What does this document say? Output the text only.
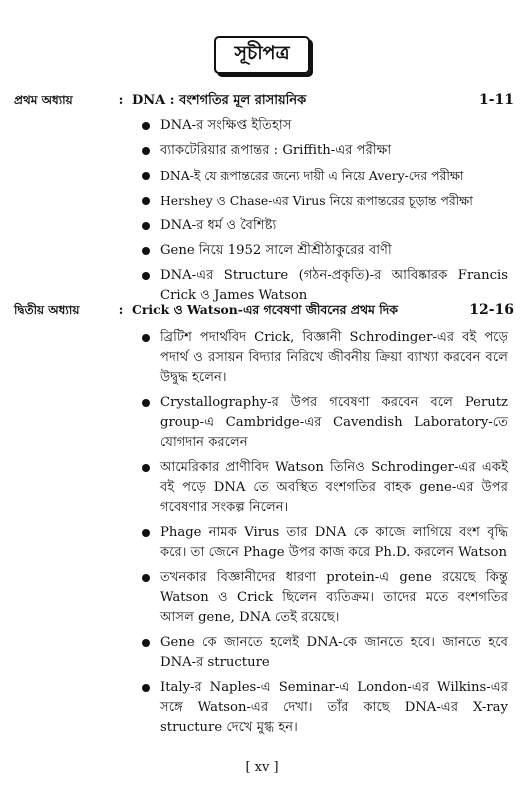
সূচীপত্র
প্রথম অধ্যায়	: DNA : বংশগতির মূল রাসায়নিক	1-11
DNA-র সংক্ষিপ্ত ইতিহাস
ব্যাকটেরিয়ার রূপান্তর : Griffith-এর পরীক্ষা
DNA-ই যে রূপান্তরের জন্যে দায়ী এ নিয়ে Avery-দের পরীক্ষা
Hershey ও Chase-এর Virus নিয়ে রূপান্তরের চূড়ান্ত পরীক্ষা
DNA-র ধর্ম ও বৈশিষ্ট্য
Gene নিয়ে 1952 সালে শ্রীশ্রীঠাকুরের বাণী
DNA-এর Structure (গঠন-প্রকৃতি)-র আবিষ্কারক Francis Crick ও James Watson
দ্বিতীয় অধ্যায়	: Crick ও Watson-এর গবেষণা জীবনের প্রথম দিক	12-16
ব্রিটিশ পদার্থবিদ Crick, বিজ্ঞানী Schrodinger-এর বই পড়ে পদার্থ ও রসায়ন বিদ্যার নিরিখে জীবনীয় ক্রিয়া ব্যাখ্যা করবেন বলে উদ্বুদ্ধ হলেন।
Crystallography-র উপর গবেষণা করবেন বলে Perutz group-এ Cambridge-এর Cavendish Laboratory-তে যোগদান করলেন
আমেরিকার প্রাণীবিদ Watson তিনিও Schrodinger-এর একই বই পড়ে DNA তে অবস্থিত বংশগতির বাহক gene-এর উপর গবেষণার সংকল্প নিলেন।
Phage নামক Virus তার DNA কে কাজে লাগিয়ে বংশ বৃদ্ধি করে। তা জেনে Phage উপর কাজ করে Ph.D. করলেন Watson
তখনকার বিজ্ঞানীদের ধারণা protein-এ gene রয়েছে কিন্তু Watson ও Crick ছিলেন ব্যতিক্রম। তাদের মতে বংশগতির আসল gene, DNA তেই রয়েছে।
Gene কে জানতে হলেই DNA-কে জানতে হবে। জানতে হবে DNA-র structure
Italy-র Naples-এ Seminar-এ London-এর Wilkins-এর সঙ্গে Watson-এর দেখা। তাঁর কাছে DNA-এর X-ray structure দেখে মুগ্ধ হন।
[ xv ]
